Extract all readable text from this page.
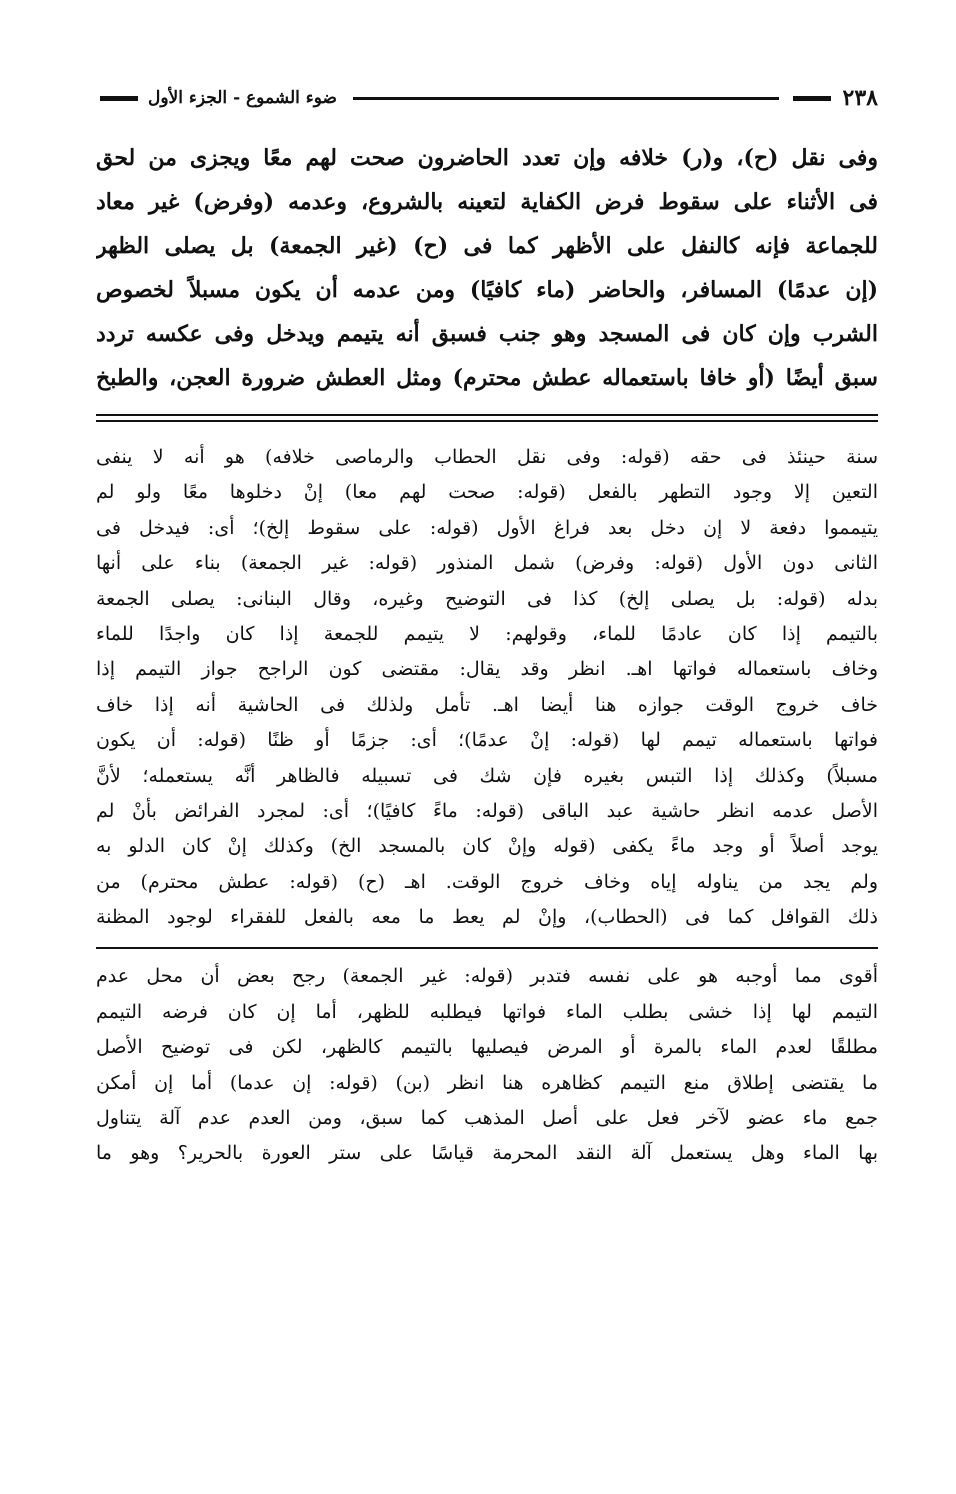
٢٣٨
ضوء الشموع - الجزء الأول
وفى نقل (ح)، و(ر) خلافه وإن تعدد الحاضرون صحت لهم معًا ويجزى من لحق
فى الأثناء على سقوط فرض الكفاية لتعينه بالشروع، وعدمه (وفرض) غير معاد
للجماعة فإنه كالنفل على الأظهر كما فى (ح) (غير الجمعة) بل يصلى الظهر
(إن عدمًا) المسافر، والحاضر (ماء كافيًا) ومن عدمه أن يكون مسبلاً لخصوص
الشرب وإن كان فى المسجد وهو جنب فسبق أنه يتيمم ويدخل وفى عكسه تردد
سبق أيضًا (أو خافا باستعماله عطش محترم) ومثل العطش ضرورة العجن، والطبخ
سنة حينئذ فى حقه (قوله: وفى نقل الحطاب والرماصى خلافه) هو أنه لا ينفى
التعين إلا وجود التطهر بالفعل (قوله: صحت لهم معا) إنْ دخلوها معًا ولو لم
يتيمموا دفعة لا إن دخل بعد فراغ الأول (قوله: على سقوط إلخ)؛ أى: فيدخل فى
الثانى دون الأول (قوله: وفرض) شمل المنذور (قوله: غير الجمعة) بناء على أنها
بدله (قوله: بل يصلى إلخ) كذا فى التوضيح وغيره، وقال البنانى: يصلى الجمعة
بالتيمم إذا كان عادمًا للماء، وقولهم: لا يتيمم للجمعة إذا كان واجدًا للماء
وخاف باستعماله فواتها اهـ. انظر وقد يقال: مقتضى كون الراجح جواز التيمم إذا
خاف خروج الوقت جوازه هنا أيضا اهـ. تأمل ولذلك فى الحاشية أنه إذا خاف
فواتها باستعماله تيمم لها (قوله: إنْ عدمًا)؛ أى: جزمًا أو ظنًا (قوله: أن يكون
مسبلاً) وكذلك إذا التبس بغيره فإن شك فى تسبيله فالظاهر أنَّه يستعمله؛ لأنَّ
الأصل عدمه انظر حاشية عبد الباقى (قوله: ماءً كافيًا)؛ أى: لمجرد الفرائض بأنْ لم
يوجد أصلاً أو وجد ماءً يكفى (قوله وإنْ كان بالمسجد الخ) وكذلك إنْ كان الدلو به
ولم يجد من يناوله إياه وخاف خروج الوقت. اهـ (ح) (قوله: عطش محترم) من
ذلك القوافل كما فى (الحطاب)، وإنْ لم يعط ما معه بالفعل للفقراء لوجود المظنة
أقوى مما أوجبه هو على نفسه فتدبر (قوله: غير الجمعة) رجح بعض أن محل عدم
التيمم لها إذا خشى بطلب الماء فواتها فيطلبه للظهر، أما إن كان فرضه التيمم
مطلقًا لعدم الماء بالمرة أو المرض فيصليها بالتيمم كالظهر، لكن فى توضيح الأصل
ما يقتضى إطلاق منع التيمم كظاهره هنا انظر (بن) (قوله: إن عدما) أما إن أمكن
جمع ماء عضو لآخر فعل على أصل المذهب كما سبق، ومن العدم عدم آلة يتناول
بها الماء وهل يستعمل آلة النقد المحرمة قياسًا على ستر العورة بالحرير؟ وهو ما
